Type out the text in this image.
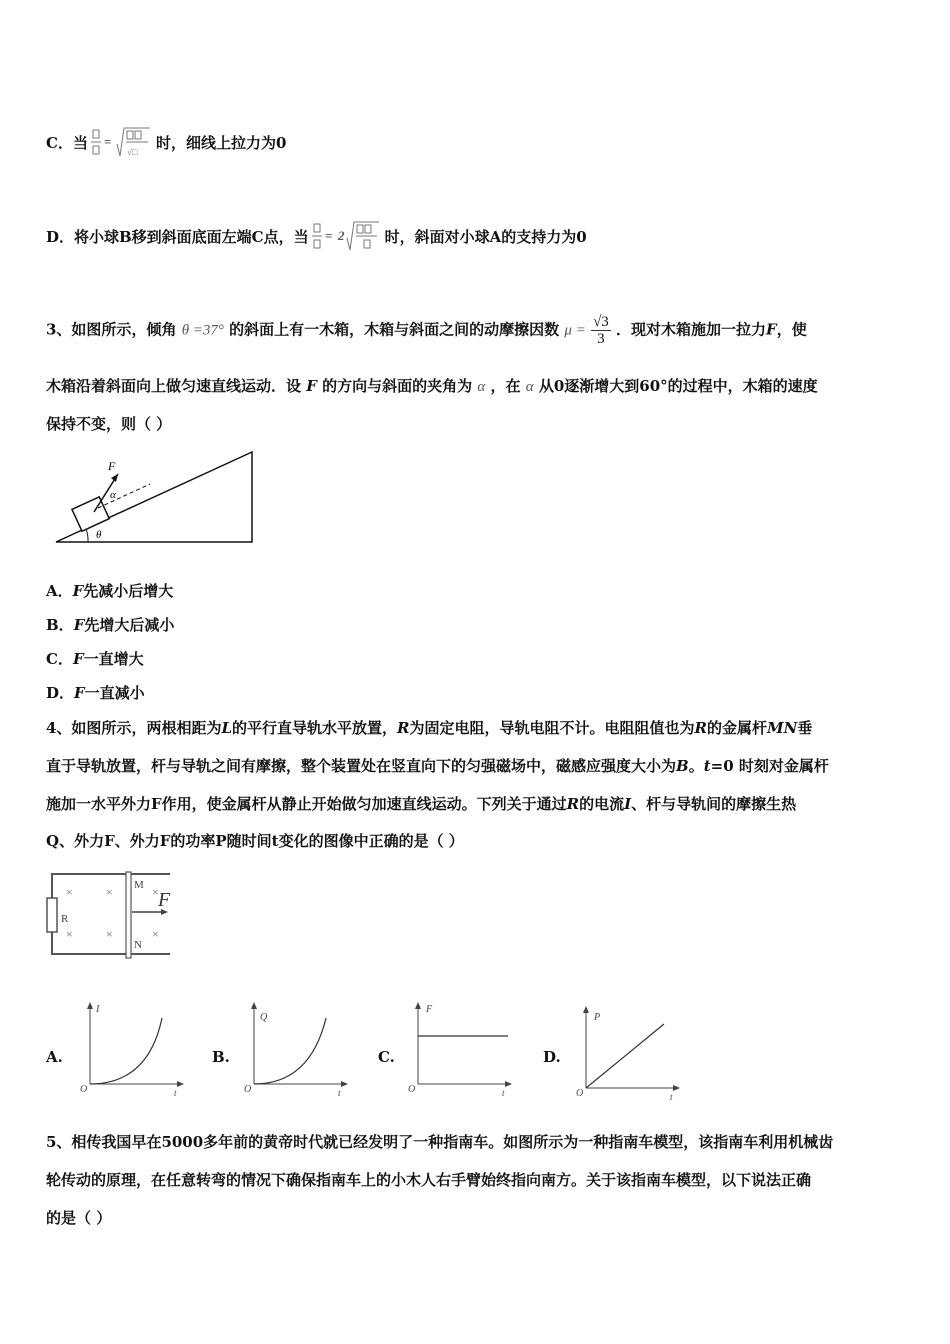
C．当 =
√□ 时，细线上拉力为0
D．将小球B移到斜面底面左端C点，当 = 2	时，斜面对小球A的支持力为0
3、如图所示，倾角 θ =37° 的斜面上有一木箱，木箱与斜面之间的动摩擦因数 $\mu = \frac{√3}{3}$ ．现对木箱施加一拉力F，使
木箱沿着斜面向上做匀速直线运动．设 F 的方向与斜面的夹角为 α ，在 α 从0逐渐增大到60°的过程中，木箱的速度
保持不变，则（ ）
F
α
θ
A．F先减小后增大
B．F先增大后减小
C．F一直增大
D．F一直减小
4、如图所示，两根相距为L的平行直导轨水平放置，R为固定电阻，导轨电阻不计。电阻阻值也为R的金属杆MN垂
直于导轨放置，杆与导轨之间有摩擦，整个装置处在竖直向下的匀强磁场中，磁感应强度大小为B。t=0 时刻对金属杆
施加一水平外力F作用，使金属杆从静止开始做匀加速直线运动。下列关于通过R的电流I、杆与导轨间的摩擦生热
Q、外力F、外力F的功率P随时间t变化的图像中正确的是（ ）
R
M
N
×	×	×
×	×	×
F
A.
I
t
O
B.
Q
t
O
C.
F
t
O
D.
P
t
O
5、相传我国早在5000多年前的黄帝时代就已经发明了一种指南车。如图所示为一种指南车模型，该指南车利用机械齿
轮传动的原理，在任意转弯的情况下确保指南车上的小木人右手臂始终指向南方。关于该指南车模型，以下说法正确
的是（ ）
